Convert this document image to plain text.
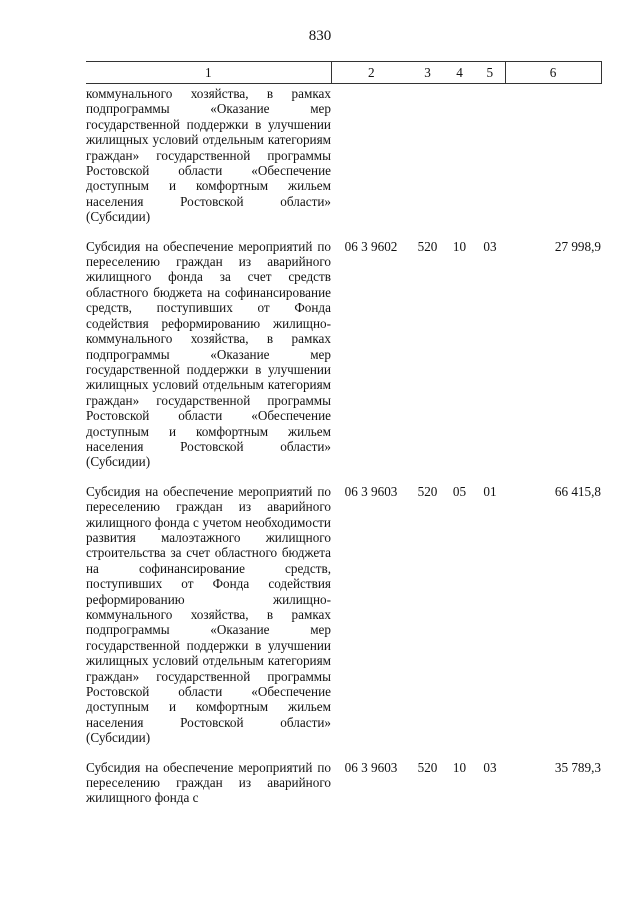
830
1	2	3	4	5	6
коммунального хозяйства, в рамках подпрограммы «Оказание мер государственной поддержки в улучшении жилищных условий отдельным категориям граждан» государственной программы Ростовской области «Обеспечение доступным и комфортным жильем населения Ростовской области» (Субсидии)					

Субсидия на обеспечение мероприятий по переселению граждан из аварийного жилищного фонда за счет средств областного бюджета на софинансирование средств, поступивших от Фонда содействия реформированию жилищно-коммунального хозяйства, в рамках подпрограммы «Оказание мер государственной поддержки в улучшении жилищных условий отдельным категориям граждан» государственной программы Ростовской области «Обеспечение доступным и комфортным жильем населения Ростовской области» (Субсидии)	06 3 9602	520	10	03	27 998,9

Субсидия на обеспечение мероприятий по переселению граждан из аварийного жилищного фонда с учетом необходимости развития малоэтажного жилищного строительства за счет областного бюджета на софинансирование средств, поступивших от Фонда содействия реформированию жилищно-коммунального хозяйства, в рамках подпрограммы «Оказание мер государственной поддержки в улучшении жилищных условий отдельным категориям граждан» государственной программы Ростовской области «Обеспечение доступным и комфортным жильем населения Ростовской области» (Субсидии)	06 3 9603	520	05	01	66 415,8

Субсидия на обеспечение мероприятий по переселению граждан из аварийного жилищного фонда с	06 3 9603	520	10	03	35 789,3
